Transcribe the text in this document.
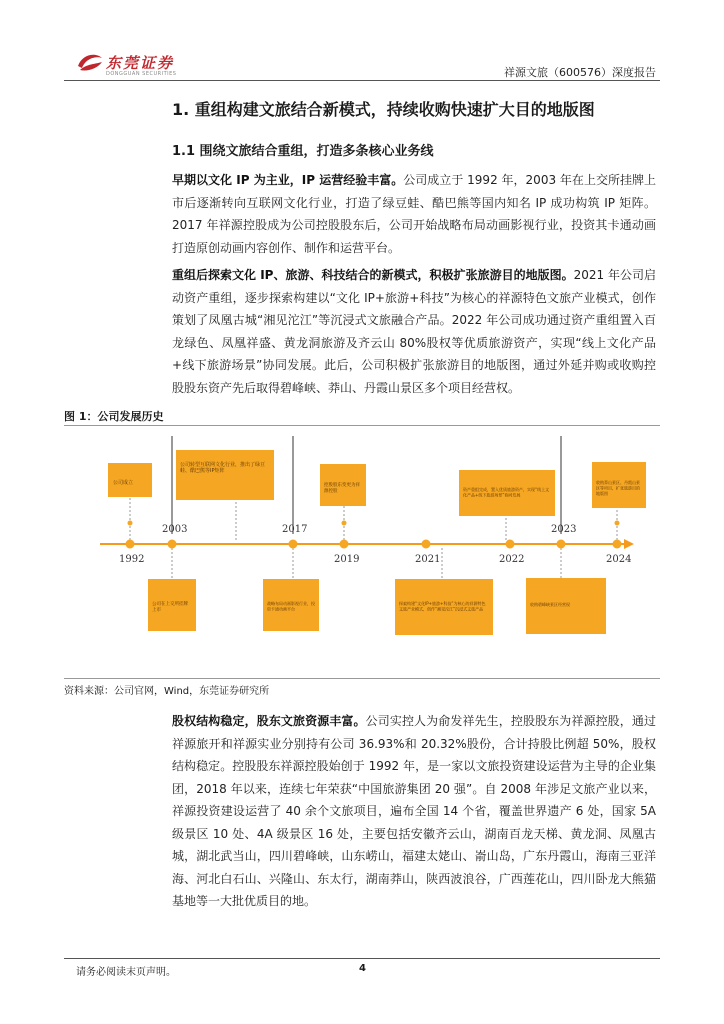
东莞证券
DONGGUAN SECURITIES	祥源文旅（600576）深度报告
1. 重组构建文旅结合新模式，持续收购快速扩大目的地版图
1.1 围绕文旅结合重组，打造多条核心业务线

早期以文化 IP 为主业，IP 运营经验丰富。公司成立于 1992 年，2003 年在上交所挂牌上市后逐渐转向互联网文化行业，打造了绿豆蛙、酷巴熊等国内知名 IP 成功构筑 IP 矩阵。2017 年祥源控股成为公司控股股东后，公司开始战略布局动画影视行业，投资其卡通动画打造原创动画内容创作、制作和运营平台。

重组后探索文化 IP、旅游、科技结合的新模式，积极扩张旅游目的地版图。2021 年公司启动资产重组，逐步探索构建以“文化 IP+旅游+科技”为核心的祥源特色文旅产业模式，创作策划了凤凰古城“湘见沱江”等沉浸式文旅融合产品。2022 年公司成功通过资产重组置入百龙绿色、凤凰祥盛、黄龙洞旅游及齐云山 80%股权等优质旅游资产，实现“线上文化产品+线下旅游场景”协同发展。此后，公司积极扩张旅游目的地版图，通过外延并购或收购控股股东资产先后取得碧峰峡、莽山、丹霞山景区多个项目经营权。

图 1：公司发展历史
1992	2019	2021	2022	2024
2003	2017	2023
公司成立
公司转型互联网文化行业，推出了绿豆蛙、酷巴熊等IP矩阵
控股股东变更为祥源控股	资产重组完成，置入优质旅游资产，实现“线上文化产品+线下旅游场景”协同发展
收购莽山景区、丹霞山景区等项目，扩张旅游目的地版图
公司在上交所挂牌上市
战略布局动画影视行业，投资卡通动画平台
探索构建“文化IP+旅游+科技”为核心的祥源特色文旅产业模式，创作“湘见沱江”沉浸式文旅产品
收购碧峰峡景区经营权
资料来源：公司官网，Wind，东莞证券研究所

股权结构稳定，股东文旅资源丰富。公司实控人为俞发祥先生，控股股东为祥源控股，通过祥源旅开和祥源实业分别持有公司 36.93%和 20.32%股份，合计持股比例超 50%，股权结构稳定。控股股东祥源控股始创于 1992 年，是一家以文旅投资建设运营为主导的企业集团，2018 年以来，连续七年荣获“中国旅游集团 20 强”。自 2008 年涉足文旅产业以来，祥源投资建设运营了 40 余个文旅项目，遍布全国 14 个省，覆盖世界遗产 6 处，国家 5A 级景区 10 处、4A 级景区 16 处，主要包括安徽齐云山，湖南百龙天梯、黄龙洞、凤凰古城，湖北武当山，四川碧峰峡，山东崂山，福建太姥山、嵛山岛，广东丹霞山，海南三亚洋海、河北白石山、兴隆山、东太行，湖南莽山，陕西波浪谷，广西莲花山，四川卧龙大熊猫基地等一大批优质目的地。

请务必阅读末页声明。	4
